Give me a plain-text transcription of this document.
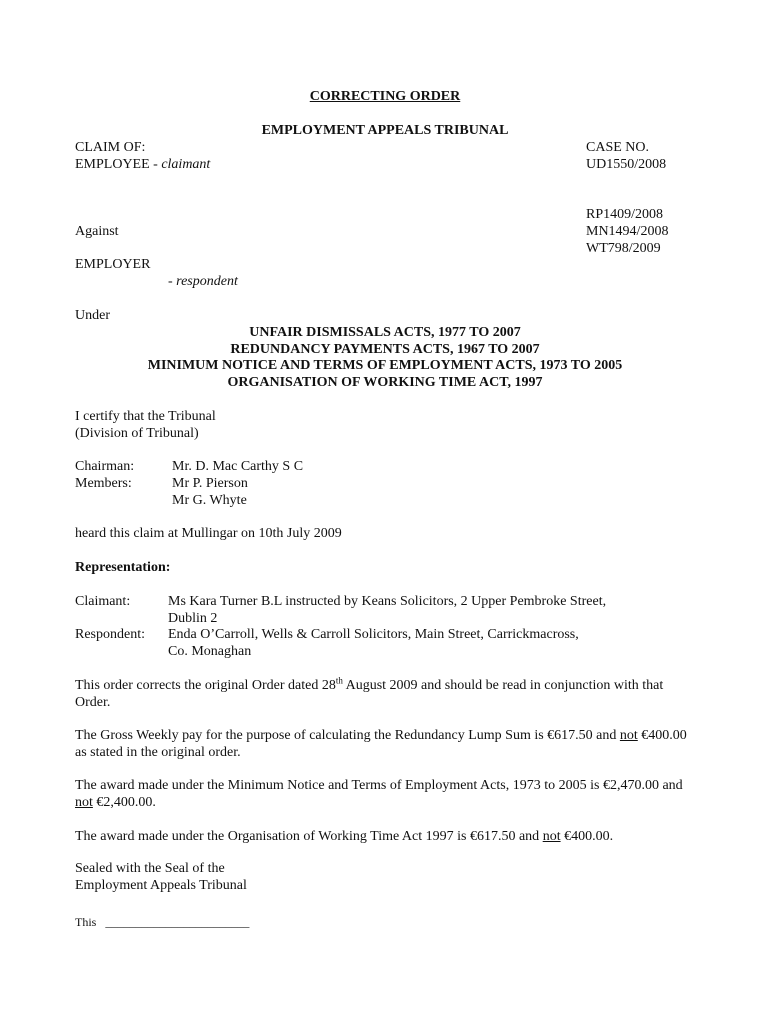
CORRECTING ORDER
EMPLOYMENT APPEALS TRIBUNAL
CLAIM OF:
EMPLOYEE - claimant
CASE NO.
UD1550/2008
RP1409/2008
MN1494/2008
WT798/2009
Against
EMPLOYER
- respondent
Under
UNFAIR DISMISSALS ACTS, 1977 TO 2007
REDUNDANCY PAYMENTS ACTS, 1967 TO 2007
MINIMUM NOTICE AND TERMS OF EMPLOYMENT ACTS, 1973 TO 2005
ORGANISATION OF WORKING TIME ACT, 1997
I certify that the Tribunal
(Division of Tribunal)
Chairman:	Mr. D. Mac Carthy S C
Members:	Mr P. Pierson
Mr G. Whyte
heard this claim at Mullingar on 10th July 2009
Representation:
Claimant:	Ms Kara Turner B.L instructed by Keans Solicitors, 2 Upper Pembroke Street,
Dublin 2
Respondent: Enda O’Carroll, Wells & Carroll Solicitors, Main Street, Carrickmacross,
Co. Monaghan
This order corrects the original Order dated 28th August 2009 and should be read in conjunction with that Order.
The Gross Weekly pay for the purpose of calculating the Redundancy Lump Sum is €617.50 and not €400.00 as stated in the original order.
The award made under the Minimum Notice and Terms of Employment Acts, 1973 to 2005 is €2,470.00 and not €2,400.00.
The award made under the Organisation of Working Time Act 1997 is €617.50 and not €400.00.
Sealed with the Seal of the
Employment Appeals Tribunal
This ________________________
